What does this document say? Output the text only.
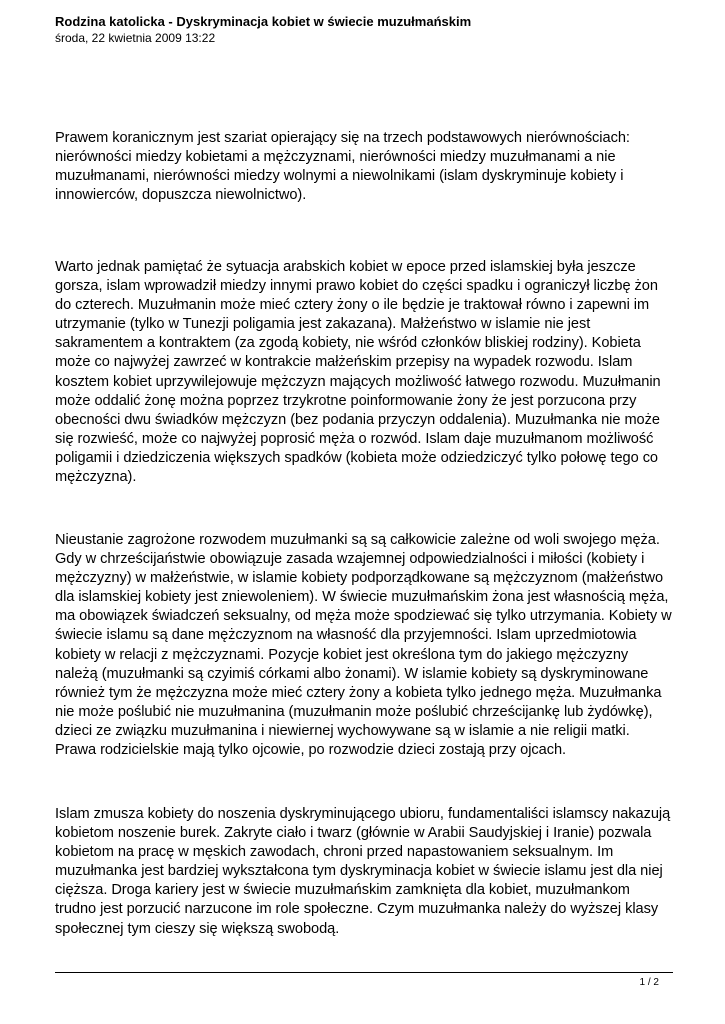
Rodzina katolicka - Dyskryminacja kobiet w świecie muzułmańskim

środa, 22 kwietnia 2009 13:22

Prawem koranicznym jest szariat opierający się na trzech podstawowych nierównościach: nierówności miedzy kobietami a mężczyznami, nierówności miedzy muzułmanami a nie muzułmanami, nierówności miedzy wolnymi a niewolnikami (islam dyskryminuje kobiety i innowierców, dopuszcza niewolnictwo).

Warto jednak pamiętać że sytuacja arabskich kobiet w epoce przed islamskiej była jeszcze gorsza, islam wprowadził miedzy innymi prawo kobiet do części spadku i ograniczył liczbę żon do czterech. Muzułmanin może mieć cztery żony o ile będzie je traktował równo i zapewni im utrzymanie (tylko w Tunezji poligamia jest zakazana). Małżeństwo w islamie nie jest sakramentem a kontraktem (za zgodą kobiety, nie wśród członków bliskiej rodziny). Kobieta może co najwyżej zawrzeć w kontrakcie małżeńskim przepisy na wypadek rozwodu. Islam kosztem kobiet uprzywilejowuje mężczyzn mających możliwość łatwego rozwodu. Muzułmanin może oddalić żonę można poprzez trzykrotne poinformowanie żony że jest porzucona przy obecności dwu świadków mężczyzn (bez podania przyczyn oddalenia). Muzułmanka nie może się rozwieść, może co najwyżej poprosić męża o rozwód. Islam daje muzułmanom możliwość poligamii i dziedziczenia większych spadków (kobieta może odziedziczyć tylko połowę tego co mężczyzna).

Nieustanie zagrożone rozwodem muzułmanki są są całkowicie zależne od woli swojego męża. Gdy w chrześcijaństwie obowiązuje zasada wzajemnej odpowiedzialności i miłości (kobiety i mężczyzny) w małżeństwie, w islamie kobiety podporządkowane są mężczyznom (małżeństwo dla islamskiej kobiety jest zniewoleniem). W świecie muzułmańskim żona jest własnością męża, ma obowiązek świadczeń seksualny, od męża może spodziewać się tylko utrzymania. Kobiety w świecie islamu są dane mężczyznom na własność dla przyjemności. Islam uprzedmiotowia kobiety w relacji z mężczyznami. Pozycje kobiet jest określona tym do jakiego mężczyzny należą (muzułmanki są czyimiś córkami albo żonami). W islamie kobiety są dyskryminowane również tym że mężczyzna może mieć cztery żony a kobieta tylko jednego męża. Muzułmanka nie może poślubić nie muzułmanina (muzułmanin może poślubić chrześcijankę lub żydówkę), dzieci ze związku muzułmanina i niewiernej wychowywane są w islamie a nie religii matki. Prawa rodzicielskie mają tylko ojcowie, po rozwodzie dzieci zostają przy ojcach.

Islam zmusza kobiety do noszenia dyskryminującego ubioru, fundamentaliści islamscy nakazują kobietom noszenie burek. Zakryte ciało i twarz (głównie w Arabii Saudyjskiej i Iranie) pozwala kobietom na pracę w męskich zawodach, chroni przed napastowaniem seksualnym. Im muzułmanka jest bardziej wykształcona tym dyskryminacja kobiet w świecie islamu jest dla niej cięższa. Droga kariery jest w świecie muzułmańskim zamknięta dla kobiet, muzułmankom trudno jest porzucić narzucone im role społeczne. Czym muzułmanka należy do wyższej klasy społecznej tym cieszy się większą swobodą.

1 / 2
